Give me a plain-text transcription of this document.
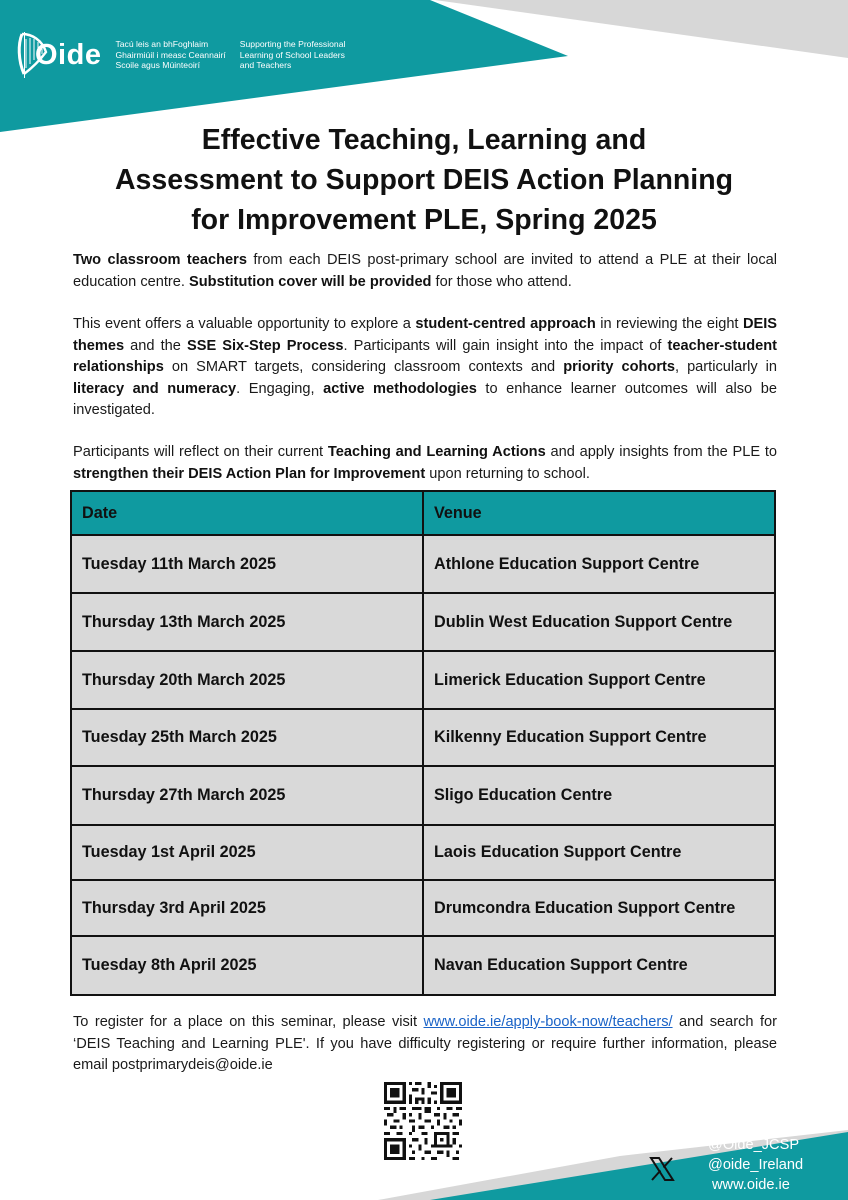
Oide Tacú leis an bhFoghlaim
Ghairmiúil i measc Ceannairí
Scoile agus Múinteoirí
Supporting the Professional
Learning of School Leaders
and Teachers
Effective Teaching, Learning and
Assessment to Support DEIS Action Planning
for Improvement PLE, Spring 2025

Two classroom teachers from each DEIS post-primary school are invited to attend a PLE at their local education centre. Substitution cover will be provided for those who attend.

This event offers a valuable opportunity to explore a student-centred approach in reviewing the eight DEIS themes and the SSE Six-Step Process. Participants will gain insight into the impact of teacher-student relationships on SMART targets, considering classroom contexts and priority cohorts, particularly in literacy and numeracy. Engaging, active methodologies to enhance learner outcomes will also be investigated.

Participants will reflect on their current Teaching and Learning Actions and apply insights from the PLE to strengthen their DEIS Action Plan for Improvement upon returning to school.

Date	Venue
Tuesday 11th March 2025	Athlone Education Support Centre
Thursday 13th March 2025	Dublin West Education Support Centre
Thursday 20th March 2025	Limerick Education Support Centre
Tuesday 25th March 2025	Kilkenny Education Support Centre
Thursday 27th March 2025	Sligo Education Centre
Tuesday 1st April 2025	Laois Education Support Centre
Thursday 3rd April 2025	Drumcondra Education Support Centre
Tuesday 8th April 2025	Navan Education Support Centre

To register for a place on this seminar, please visit www.oide.ie/apply-book-now/teachers/ and search for ‘DEIS Teaching and Learning PLE'. If you have difficulty registering or require further information, please email postprimarydeis@oide.ie

@Oide_JCSP
@oide_Ireland
www.oide.ie
